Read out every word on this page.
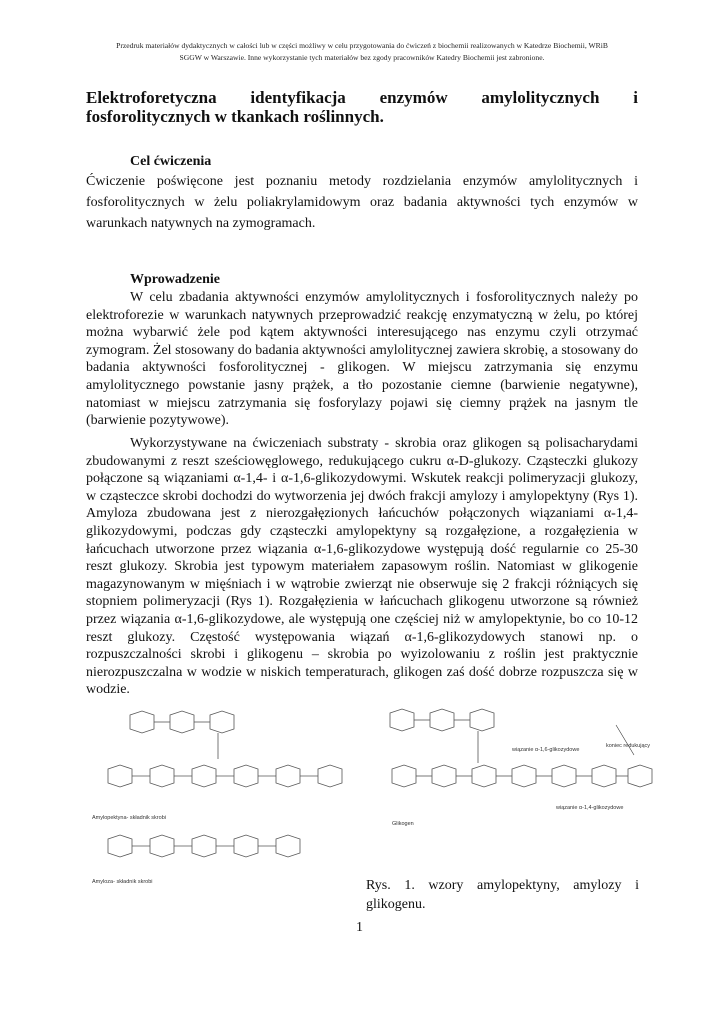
Przedruk materiałów dydaktycznych w całości lub w części możliwy w celu przygotowania do ćwiczeń z biochemii realizowanych w Katedrze Biochemii, WRiB
SGGW w Warszawie. Inne wykorzystanie tych materiałów bez zgody pracowników Katedry Biochemii jest zabronione.
Elektroforetyczna identyfikacja enzymów amylolitycznych i
fosforolitycznych w tkankach roślinnych.
Cel ćwiczenia
Ćwiczenie poświęcone jest poznaniu metody rozdzielania enzymów amylolitycznych i fosforolitycznych w żelu poliakrylamidowym oraz badania aktywności tych enzymów w warunkach natywnych na zymogramach.
Wprowadzenie
W celu zbadania aktywności enzymów amylolitycznych i fosforolitycznych należy po elektroforezie w warunkach natywnych przeprowadzić reakcję enzymatyczną w żelu, po której można wybarwić żele pod kątem aktywności interesującego nas enzymu czyli otrzymać zymogram. Żel stosowany do badania aktywności amylolitycznej zawiera skrobię, a stosowany do badania aktywności fosforolitycznej - glikogen. W miejscu zatrzymania się enzymu amylolitycznego powstanie jasny prążek, a tło pozostanie ciemne (barwienie negatywne), natomiast w miejscu zatrzymania się fosforylazy pojawi się ciemny prążek na jasnym tle (barwienie pozytywowe).
Wykorzystywane na ćwiczeniach substraty - skrobia oraz glikogen są polisacharydami zbudowanymi z reszt sześciowęglowego, redukującego cukru α-D-glukozy. Cząsteczki glukozy połączone są wiązaniami α-1,4- i α-1,6-glikozydowymi. Wskutek reakcji polimeryzacji glukozy, w cząsteczce skrobi dochodzi do wytworzenia jej dwóch frakcji amylozy i amylopektyny (Rys 1). Amyloza zbudowana jest z nierozgałęzionych łańcuchów połączonych wiązaniami α-1,4-glikozydowymi, podczas gdy cząsteczki amylopektyny są rozgałęzione, a rozgałęzienia w łańcuchach utworzone przez wiązania α-1,6-glikozydowe występują dość regularnie co 25-30 reszt glukozy. Skrobia jest typowym materiałem zapasowym roślin. Natomiast w glikogenie magazynowanym w mięśniach i w wątrobie zwierząt nie obserwuje się 2 frakcji różniących się stopniem polimeryzacji (Rys 1). Rozgałęzienia w łańcuchach glikogenu utworzone są również przez wiązania α-1,6-glikozydowe, ale występują one częściej niż w amylopektynie, bo co 10-12 reszt glukozy. Częstość występowania wiązań α-1,6-glikozydowych stanowi np. o rozpuszczalności skrobi i glikogenu – skrobia po wyizolowaniu z roślin jest praktycznie nierozpuszczalna w wodzie w niskich temperaturach, glikogen zaś dość dobrze rozpuszcza się w wodzie.
Amylopektyna- składnik skrobi
Amyloza- składnik skrobi
wiązanie α-1,6-glikozydowe
koniec redukujący
wiązanie α-1,4-glikozydowe
Glikogen
Rys. 1. wzory amylopektyny, amylozy i glikogenu.
1
